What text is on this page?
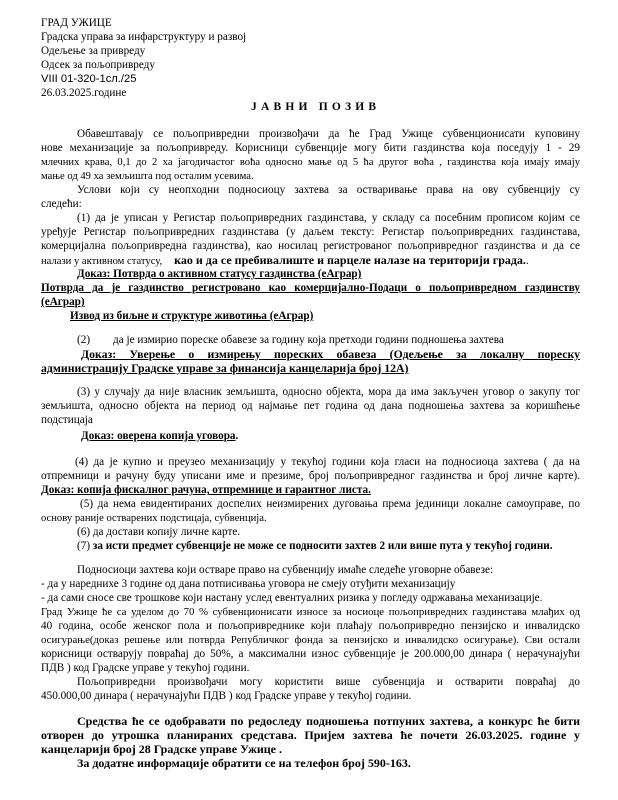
ГРАД УЖИЦЕ
Градска управа за инфарструктуру и развој
Одељење за привреду
Одсек за пољопривреду
VIII 01-320-1сл./25
26.03.2025.године
ЈАВНИ ПОЗИВ
Обавештавају се пољопривредни произвођачи да ће Град Ужице субвенционисати куповину
нове механизације за пољопривреду. Корисници субвенције могу бити газдинства која поседују 1 - 29
млечних крава, 0,1 до 2 ха јагодичастог воћа односно мање од 5 ћа другог воћа , газдинства која имају имају
мање од 49 ха земљишта под осталим усевима.
Услови који су неопходни подносиоцу захтева за остваривање права на ову субвенцију су
следећи:
(1) да је уписан у Регистар пољопривредних газдинстава, у складу са посебним прописом којим се
уређује Регистар пољопривредних газдинстава (у даљем тексту: Регистар пољопривредних газдинстава,
комерцијална пољопривредна газдинства), као носилац регистрованог пољопривредног газдинства и да се
налази у активном статусу, као и да се пребивалиште и парцеле налазе на територији града..
Доказ: Потврда о активном статусу газдинства (еАграр)
Потврда да је газдинство регистровано као комерцијално-Подаци о пољопривредном газдинству
(еАграр)
Извод из биљне и структуре животиња (еАграр)
(2) да је измирио пореске обавезе за годину која претходи години подношења захтева
Доказ: Уверење о измирењу пореских обавеза (Одељење за локалну пореску
администрацију Градске управе за финансија канцеларија број 12А)
(3) у случају да није власник земљишта, односно објекта, мора да има закључен уговор о закупу тог
земљишта, односно објекта на период од најмање пет година од дана подношења захтева за коришћење
подстицаја
Доказ: оверена копија уговора.
(4) да је купио и преузео механизацију у текућој години која гласи на подносиоца захтева ( да на
отпремници и рачуну буду уписани име и презиме, број пољопривредног газдинства и број личне карте).
Доказ: копија фискалног рачуна, отпремнице и гарантног листа.
(5) да нема евидентираних доспелих неизмирених дуговања према јединици локалне самоуправе, по
основу раније остварених подстицаја, субвенција.
(6) да достави копију личне карте.
(7) за исти предмет субвенције не може се подносити захтев 2 или више пута у текућој години.
Подносиоци захтева који остваре право на субвенцију имаће следеће уговорне обавезе:
- да у нареднихе 3 године од дана потписивања уговора не смеју отуђити механизацију
- да сами сносе све трошкове који настану услед евентуалних ризика у погледу одржавања механизације.
Град Ужице ће са уделом до 70 % субвенционисати износе за носиоце пољопривредних газдинстава млађих од
40 година, особе женског пола и пољопривреднике који плаћају пољопривредно пензијско и инвалидско
осигурање(доказ решење или потврда Републичког фонда за пензијско и инвалидско осигурање). Сви остали
корисници остварују повраћај до 50%, а максимални износ субвенције је 200.000,00 динара ( нерачунајући
ПДВ ) код Градске управе у текућој години.
Пољопривредни произвођачи могу користити више субвенција и остварити повраћај до
450.000,00 динара ( нерачунајући ПДВ ) код Градске управе у текућој години.
Средства ће се одобравати по редоследу подношења потпуних захтева, а конкурс ће бити
отворен до утрошка планираних средстава. Пријем захтева ће почети 26.03.2025. године у
канцеларији број 28 Градске управе Ужице .
За додатне информације обратити се на телефон број 590-163.
